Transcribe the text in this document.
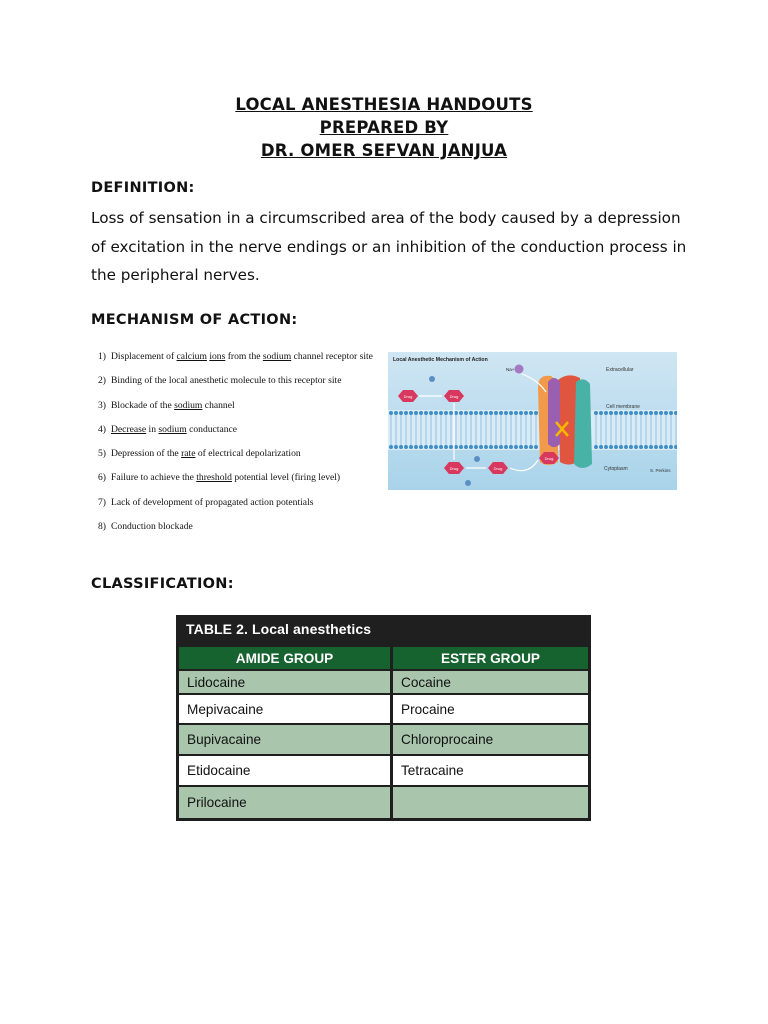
LOCAL ANESTHESIA HANDOUTS
PREPARED BY
DR. OMER SEFVAN JANJUA
DEFINITION:
Loss of sensation in a circumscribed area of the body caused by a depression
of excitation in the nerve endings or an inhibition of the conduction process in
the peripheral nerves.
MECHANISM OF ACTION:
1) Displacement of calcium ions from the sodium channel receptor site
2) Binding of the local anesthetic molecule to this receptor site
3) Blockade of the sodium channel
4) Decrease in sodium conductance
5) Depression of the rate of electrical depolarization
6) Failure to achieve the threshold potential level (firing level)
7) Lack of development of propagated action potentials
8) Conduction blockade
Local Anesthetic Mechanism of Action
Extracellular
Cell membrane
Cytoplasm	S. Perkins
Na+
Drug	Drug
Drug	Drug
Drug
CLASSIFICATION:
TABLE 2. Local anesthetics
AMIDE GROUP	ESTER GROUP
Lidocaine	Cocaine
Mepivacaine	Procaine
Bupivacaine	Chloroprocaine
Etidocaine	Tetracaine
Prilocaine
